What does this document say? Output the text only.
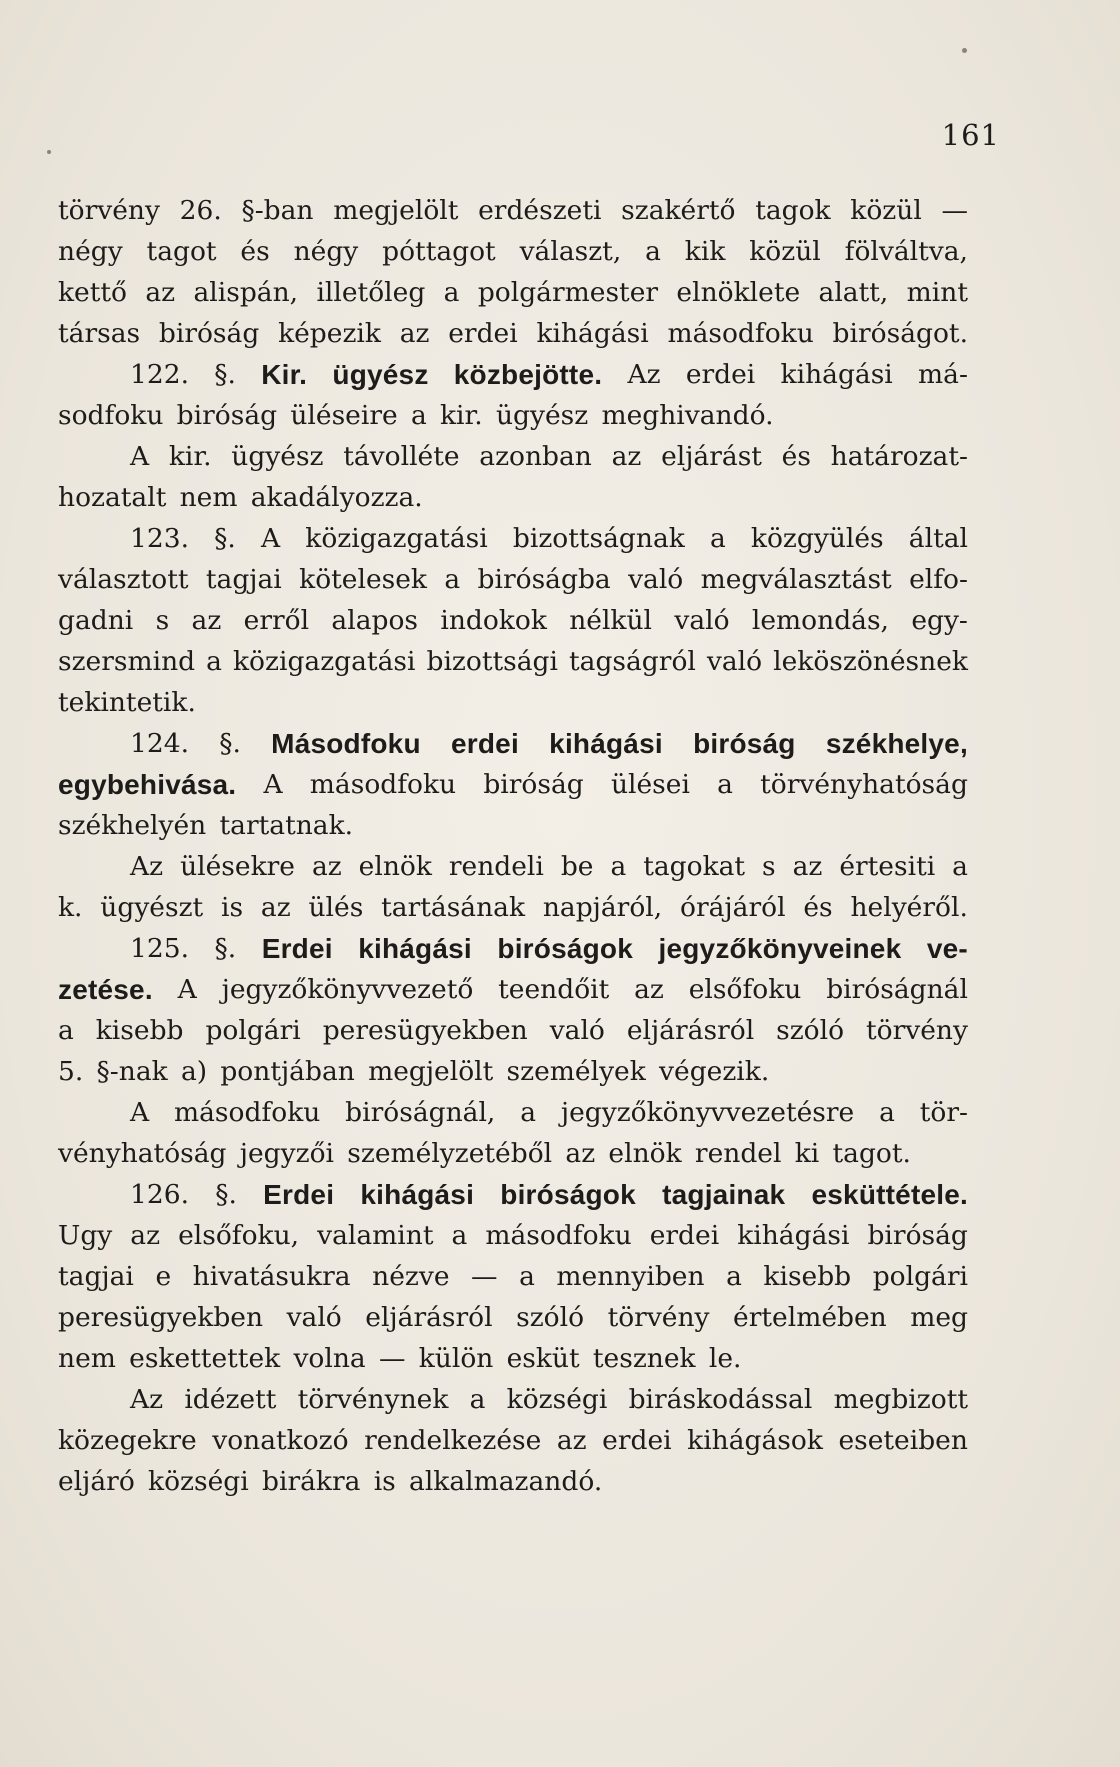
161
törvény 26. §-ban megjelölt erdészeti szakértő tagok közül —
négy tagot és négy póttagot választ, a kik közül fölváltva,
kettő az alispán, illetőleg a polgármester elnöklete alatt, mint
társas biróság képezik az erdei kihágási másodfoku biróságot.
122. §. Kir. ügyész közbejötte. Az erdei kihágási má-
sodfoku biróság üléseire a kir. ügyész meghivandó.
A kir. ügyész távolléte azonban az eljárást és határozat-
hozatalt nem akadályozza.
123. §. A közigazgatási bizottságnak a közgyülés által
választott tagjai kötelesek a biróságba való megválasztást elfo-
gadni s az erről alapos indokok nélkül való lemondás, egy-
szersmind a közigazgatási bizottsági tagságról való leköszönésnek
tekintetik.
124. §. Másodfoku erdei kihágási biróság székhelye,
egybehivása. A másodfoku biróság ülései a törvényhatóság
székhelyén tartatnak.
Az ülésekre az elnök rendeli be a tagokat s az értesiti a
k. ügyészt is az ülés tartásának napjáról, órájáról és helyéről.
125. §. Erdei kihágási biróságok jegyzőkönyveinek ve-
zetése. A jegyzőkönyvvezető teendőit az elsőfoku biróságnál
a kisebb polgári peresügyekben való eljárásról szóló törvény
5. §-nak a) pontjában megjelölt személyek végezik.
A másodfoku biróságnál, a jegyzőkönyvvezetésre a tör-
vényhatóság jegyzői személyzetéből az elnök rendel ki tagot.
126. §. Erdei kihágási biróságok tagjainak esküttétele.
Ugy az elsőfoku, valamint a másodfoku erdei kihágási biróság
tagjai e hivatásukra nézve — a mennyiben a kisebb polgári
peresügyekben való eljárásról szóló törvény értelmében meg
nem eskettettek volna — külön esküt tesznek le.
Az idézett törvénynek a községi biráskodással megbizott
közegekre vonatkozó rendelkezése az erdei kihágások eseteiben
eljáró községi birákra is alkalmazandó.
